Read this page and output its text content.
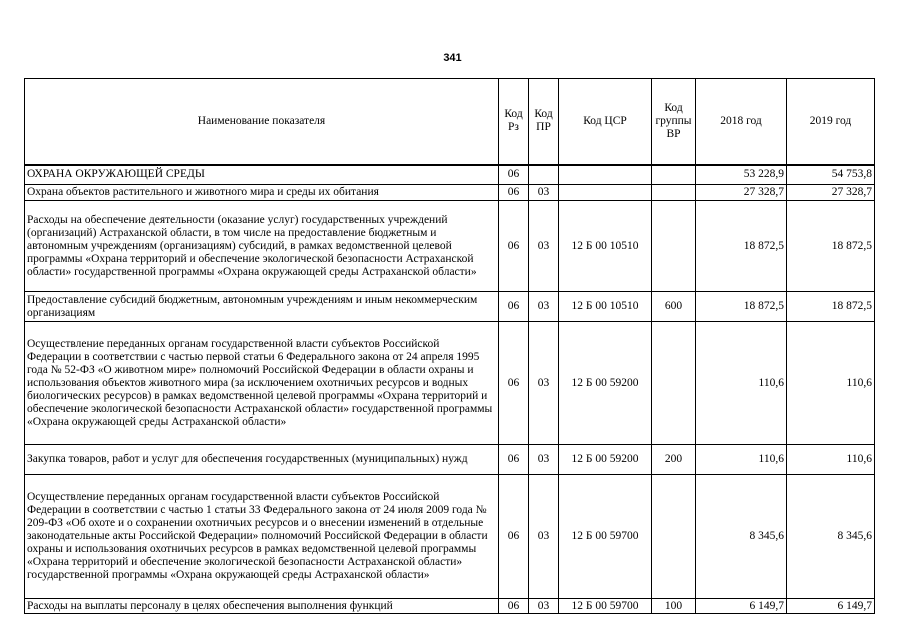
341
Наименование показателя	Код Рз	Код ПР	Код ЦСР	Код группы ВР	2018 год	2019 год
ОХРАНА ОКРУЖАЮЩЕЙ СРЕДЫ	06				53 228,9	54 753,8
Охрана объектов растительного и животного мира и среды их обитания	06	03			27 328,7	27 328,7
Расходы на обеспечение деятельности (оказание услуг) государственных учреждений (организаций) Астраханской области, в том числе на предоставление бюджетным и автономным учреждениям (организациям) субсидий, в рамках ведомственной целевой программы «Охрана территорий и обеспечение экологической безопасности Астраханской области» государственной программы «Охрана окружающей среды Астраханской области»	06	03	12 Б 00 10510		18 872,5	18 872,5
Предоставление субсидий бюджетным, автономным учреждениям и иным некоммерческим организациям	06	03	12 Б 00 10510	600	18 872,5	18 872,5
Осуществление переданных органам государственной власти субъектов Российской Федерации в соответствии с частью первой статьи 6 Федерального закона от 24 апреля 1995 года № 52-ФЗ «О животном мире» полномочий Российской Федерации в области охраны и использования объектов животного мира (за исключением охотничьих ресурсов и водных биологических ресурсов) в рамках ведомственной целевой программы «Охрана территорий и обеспечение экологической безопасности Астраханской области» государственной программы «Охрана окружающей среды Астраханской области»	06	03	12 Б 00 59200		110,6	110,6
Закупка товаров, работ и услуг для обеспечения государственных (муниципальных) нужд	06	03	12 Б 00 59200	200	110,6	110,6
Осуществление переданных органам государственной власти субъектов Российской Федерации в соответствии с частью 1 статьи 33 Федерального закона от 24 июля 2009 года № 209-ФЗ «Об охоте и о сохранении охотничьих ресурсов и о внесении изменений в отдельные законодательные акты Российской Федерации» полномочий Российской Федерации в области охраны и использования охотничьих ресурсов в рамках ведомственной целевой программы «Охрана территорий и обеспечение экологической безопасности Астраханской области» государственной программы «Охрана окружающей среды Астраханской области»	06	03	12 Б 00 59700		8 345,6	8 345,6
Расходы на выплаты персоналу в целях обеспечения выполнения функций	06	03	12 Б 00 59700	100	6 149,7	6 149,7
